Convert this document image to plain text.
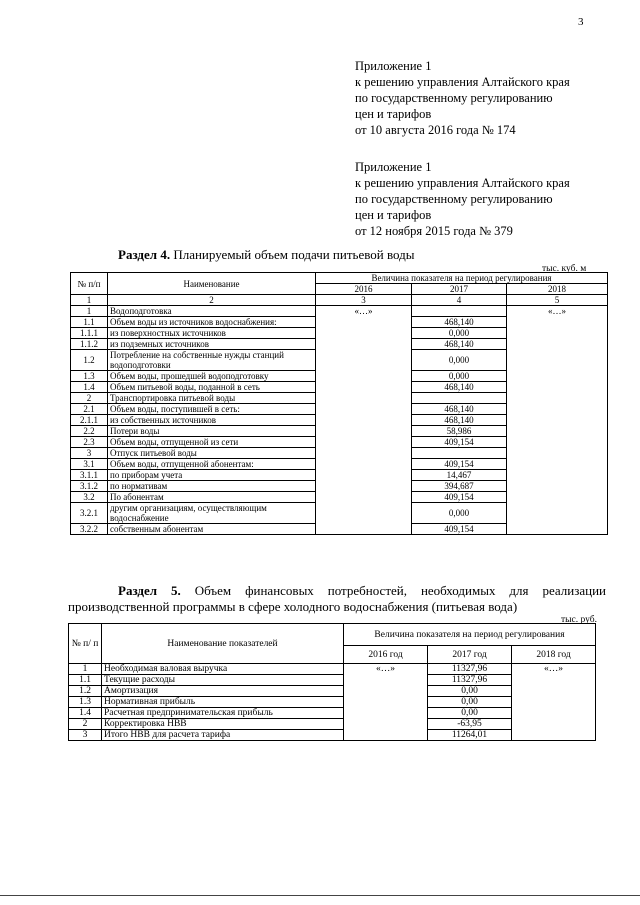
3
Приложение 1
к решению управления Алтайского края
по государственному регулированию
цен и тарифов
от 10 августа 2016 года № 174
Приложение 1
к решению управления Алтайского края
по государственному регулированию
цен и тарифов
от 12 ноября 2015 года № 379
Раздел 4. Планируемый объем подачи питьевой воды
тыс. куб. м
№ п/п	Наименование	Величина показателя на период регулирования		
		2016	2017	2018
1	2	3	4	5
1	Водоподготовка	«…»		«…»
1.1	Объем воды из источников водоснабжения:		468,140	
1.1.1	из поверхностных источников		0,000	
1.1.2	из подземных источников		468,140	
1.2	Потребление на собственные нужды станций водоподготовки		0,000	
1.3	Объем воды, прошедшей водоподготовку		0,000	
1.4	Объем питьевой воды, поданной в сеть		468,140	
2	Транспортировка питьевой воды			
2.1	Объем воды, поступившей в сеть:		468,140	
2.1.1	из собственных источников		468,140	
2.2	Потери воды		58,986	
2.3	Объем воды, отпущенной из сети		409,154	
3	Отпуск питьевой воды			
3.1	Объем воды, отпущенной абонентам:		409,154	
3.1.1	по приборам учета		14,467	
3.1.2	по нормативам		394,687	
3.2	По абонентам		409,154	
3.2.1	другим организациям, осуществляющим водоснабжение		0,000	
3.2.2	собственным абонентам		409,154	
Раздел 5. Объем финансовых потребностей, необходимых для реализации производственной программы в сфере холодного водоснабжения (питьевая вода)
тыс. руб.
№ п/ п	Наименование показателей	Величина показателя на период регулирования		
		2016 год	2017 год	2018 год
1	Необходимая валовая выручка	«…»	11327,96	«…»
1.1	Текущие расходы		11327,96	
1.2	Амортизация		0,00	
1.3	Нормативная прибыль		0,00	
1.4	Расчетная предпринимательская прибыль		0,00	
2	Корректировка НВВ		-63,95	
3	Итого НВВ для расчета тарифа		11264,01	
